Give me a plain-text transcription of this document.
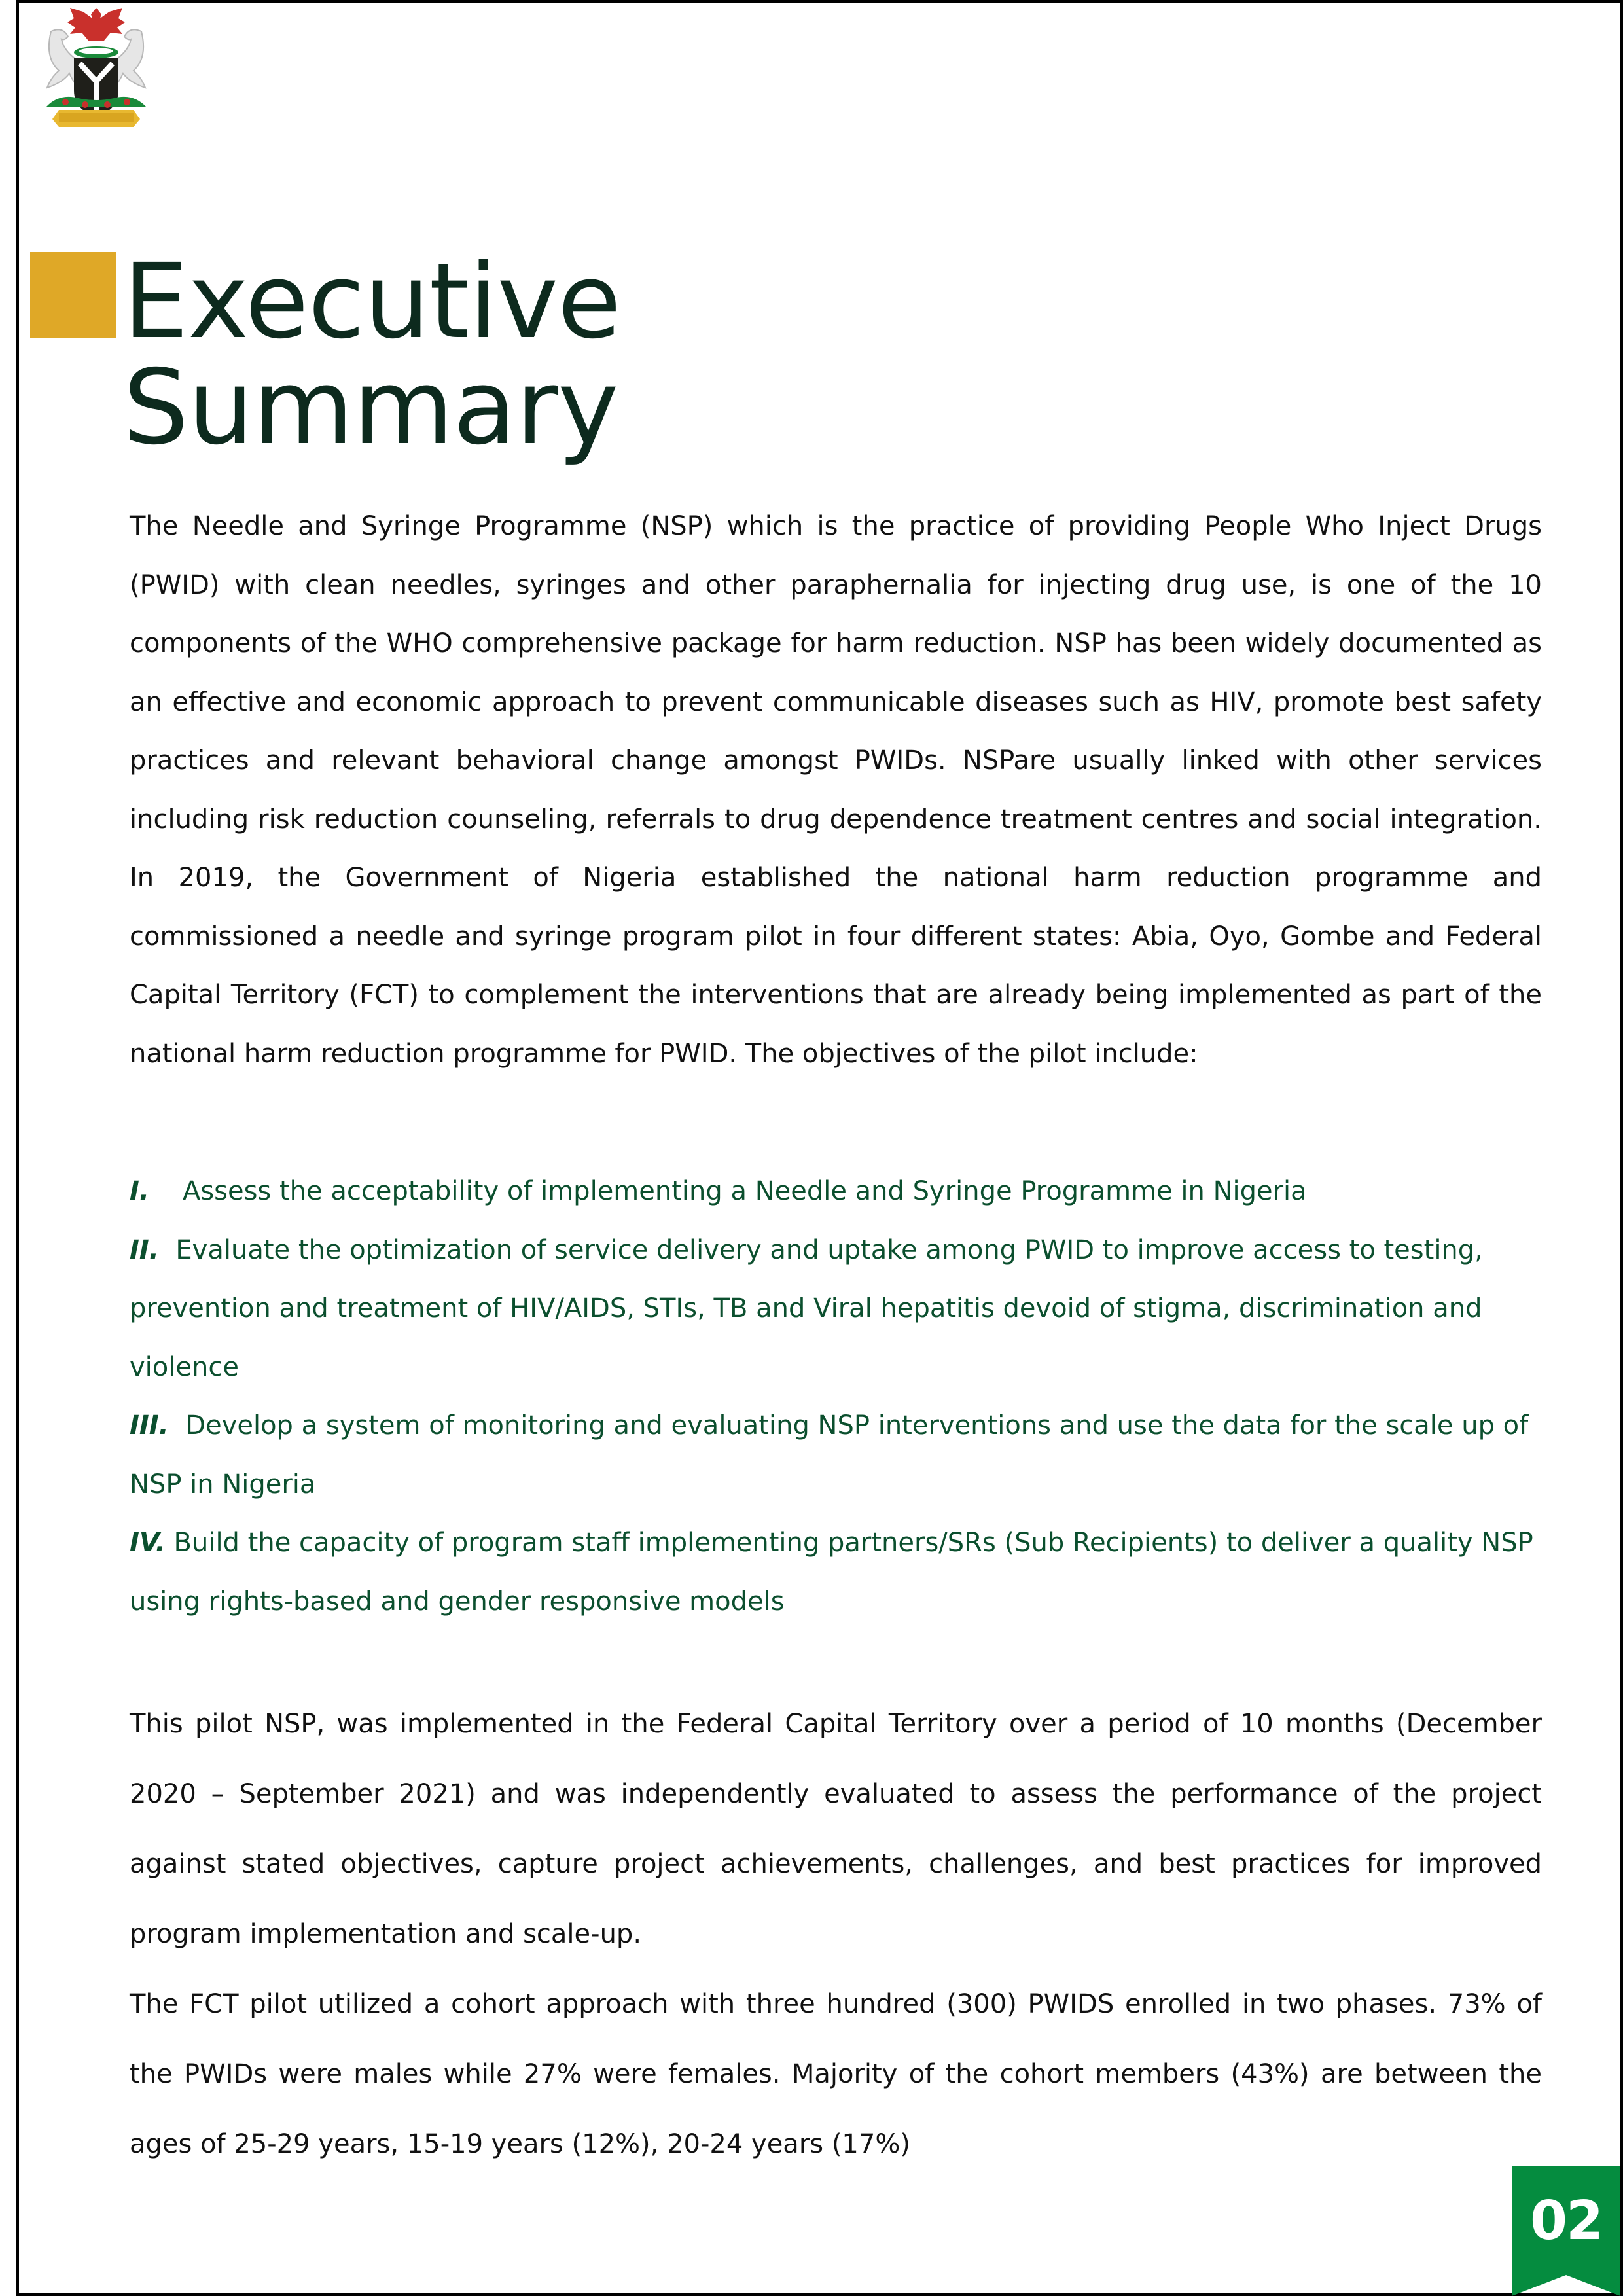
Executive
Summary

The Needle and Syringe Programme (NSP) which is the practice of providing People Who Inject Drugs (PWID) with clean needles, syringes and other paraphernalia for injecting drug use, is one of the 10 components of the WHO comprehensive package for harm reduction. NSP has been widely documented as an effective and economic approach to prevent communicable diseases such as HIV, promote best safety practices and relevant behavioral change amongst PWIDs. NSPare usually linked with other services including risk reduction counseling, referrals to drug dependence treatment centres and social integration. In 2019, the Government of Nigeria established the national harm reduction programme and commissioned a needle and syringe program pilot in four different states: Abia, Oyo, Gombe and Federal Capital Territory (FCT) to complement the interventions that are already being implemented as part of the national harm reduction programme for PWID. The objectives of the pilot include:

I. Assess the acceptability of implementing a Needle and Syringe Programme in Nigeria
II. Evaluate the optimization of service delivery and uptake among PWID to improve access to testing, prevention and treatment of HIV/AIDS, STIs, TB and Viral hepatitis devoid of stigma, discrimination and violence
III. Develop a system of monitoring and evaluating NSP interventions and use the data for the scale up of NSP in Nigeria
IV. Build the capacity of program staff implementing partners/SRs (Sub Recipients) to deliver a quality NSP using rights-based and gender responsive models

This pilot NSP, was implemented in the Federal Capital Territory over a period of 10 months (December 2020 – September 2021) and was independently evaluated to assess the performance of the project against stated objectives, capture project achievements, challenges, and best practices for improved program implementation and scale-up.

The FCT pilot utilized a cohort approach with three hundred (300) PWIDS enrolled in two phases. 73% of the PWIDs were males while 27% were females. Majority of the cohort members (43%) are between the ages of 25-29 years, 15-19 years (12%), 20-24 years (17%)

02
